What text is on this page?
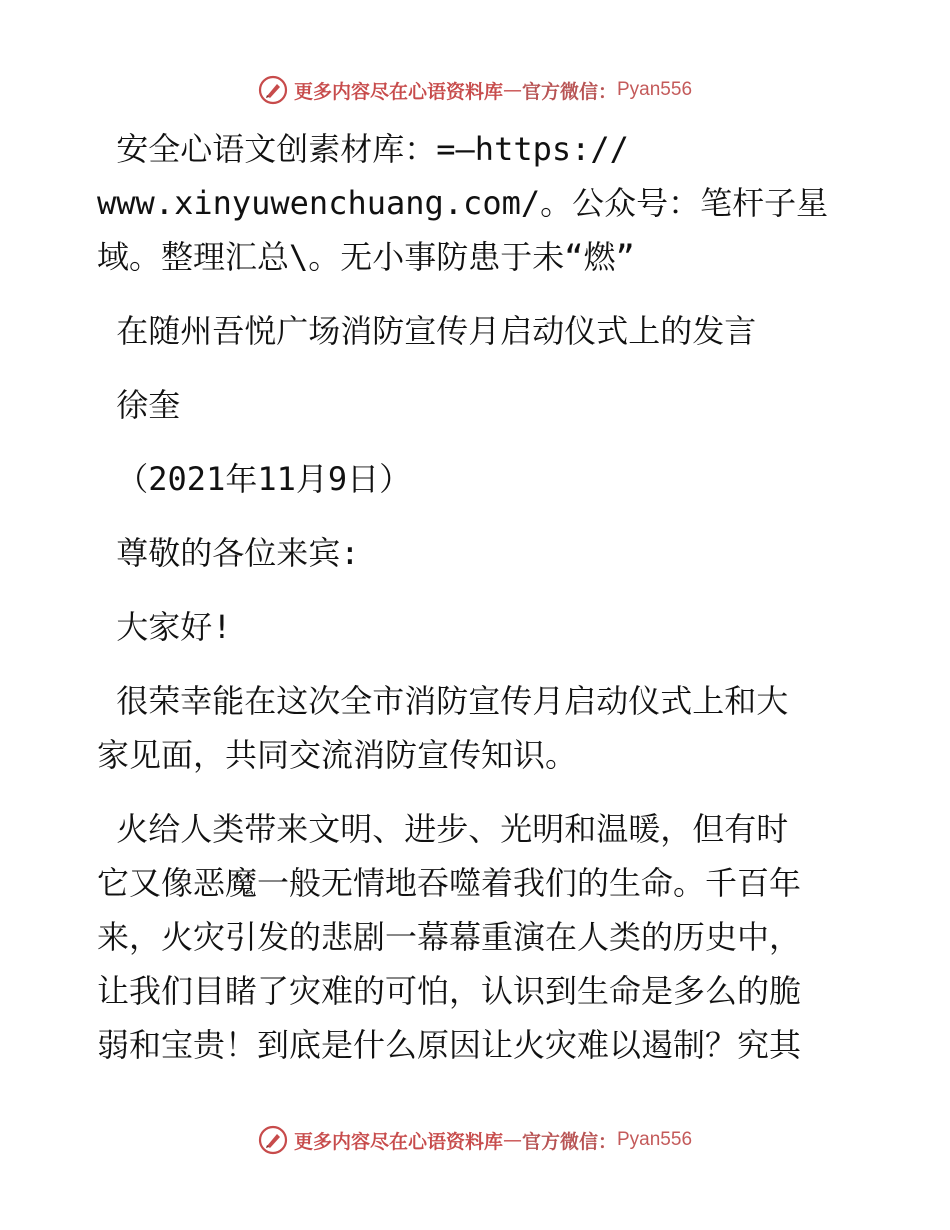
更多内容尽在心语资料库 — 官方微信： Pyan556
安全心语文创素材库：=—https://
www.xinyuwenchuang.com/。公众号：笔杆子星
域。整理汇总\。无小事防患于未“燃”
在随州吾悦广场消防宣传月启动仪式上的发言
徐奎
（2021年11月9日）
尊敬的各位来宾:
大家好!
很荣幸能在这次全市消防宣传月启动仪式上和大
家见面，共同交流消防宣传知识。
火给人类带来文明、进步、光明和温暖，但有时
它又像恶魔一般无情地吞噬着我们的生命。千百年
来，火灾引发的悲剧一幕幕重演在人类的历史中，
让我们目睹了灾难的可怕，认识到生命是多么的脆
弱和宝贵！到底是什么原因让火灾难以遏制？究其
更多内容尽在心语资料库 — 官方微信： Pyan556
